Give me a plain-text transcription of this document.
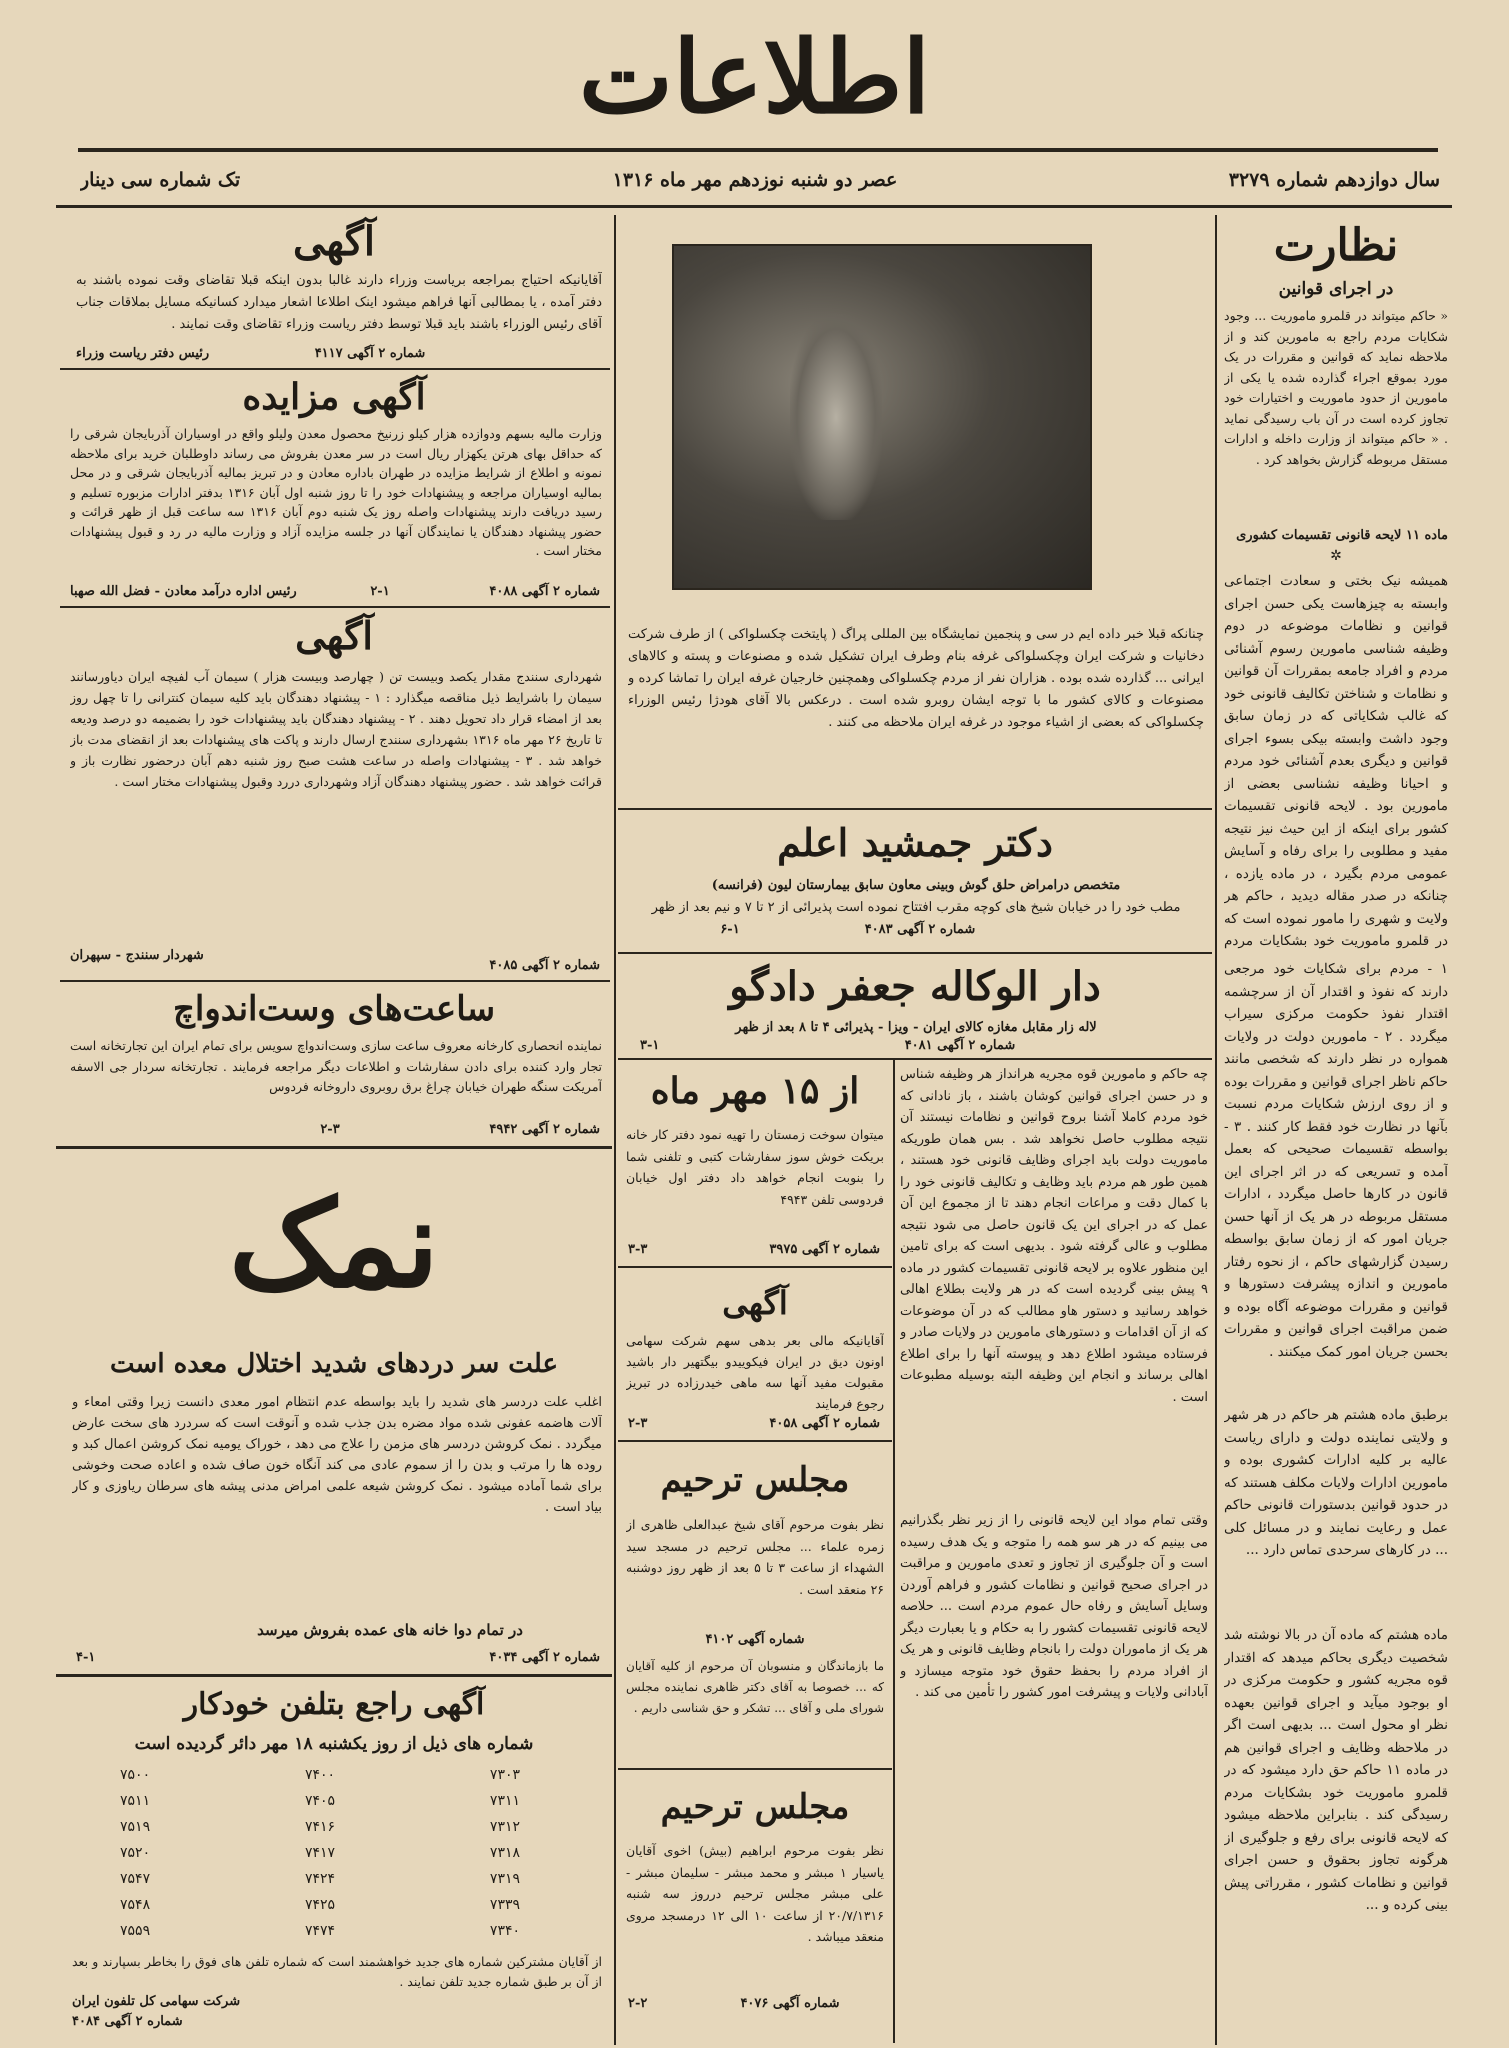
اطلاعات
سال دوازدهم شماره ۳۲۷۹
عصر دو شنبه نوزدهم مهر ماه ۱۳۱۶
تک شماره سی دینار
نظارت
در اجرای قوانین
« حاکم میتواند در قلمرو ماموریت ... وجود شکایات مردم راجع به مامورین کند و از ملاحظه نماید که قوانین و مقررات در یک مورد بموقع اجراء گذارده شده یا یکی از مامورین از حدود ماموریت و اختیارات خود تجاوز کرده است در آن باب رسیدگی نماید . « حاکم میتواند از وزارت داخله و ادارات مستقل مربوطه گزارش بخواهد کرد .
ماده ۱۱ لایحه قانونی تقسیمات کشوری
✲
همیشه نیک بختی و سعادت اجتماعی وابسته به چیزهاست یکی حسن اجرای قوانین و نظامات موضوعه در دوم وظیفه شناسی مامورین رسوم آشنائی مردم و افراد جامعه بمقررات آن قوانین و نظامات و شناختن تکالیف قانونی خود که غالب شکایاتی که در زمان سابق وجود داشت وابسته بیکی بسوء اجرای قوانین و دیگری بعدم آشنائی خود مردم و احیانا وظیفه نشناسی بعضی از مامورین بود . لایحه قانونی تقسیمات کشور برای اینکه از این حیث نیز نتیجه مفید و مطلوبی را برای رفاه و آسایش عمومی مردم بگیرد ، در ماده یازده ، چنانکه در صدر مقاله دیدید ، حاکم هر ولایت و شهری را مامور نموده است که در قلمرو ماموریت خود بشکایات مردم
۱ - مردم برای شکایات خود مرجعی دارند که نفوذ و اقتدار آن از سرچشمه اقتدار نفوذ حکومت مرکزی سیراب میگردد . ۲ - مامورین دولت در ولایات همواره در نظر دارند که شخصی مانند حاکم ناظر اجرای قوانین و مقررات بوده و از روی ارزش شکایات مردم نسبت بآنها در نظارت خود فقط کار کنند . ۳ - بواسطه تقسیمات صحیحی که بعمل آمده و تسریعی که در اثر اجرای این قانون در کارها حاصل میگردد ، ادارات مستقل مربوطه در هر یک از آنها حسن جریان امور که از زمان سابق بواسطه رسیدن گزارشهای حاکم ، از نحوه رفتار مامورین و اندازه پیشرفت دستورها و قوانین و مقررات موضوعه آگاه بوده و ضمن مراقبت اجرای قوانین و مقررات بحسن جریان امور کمک میکنند .
برطبق ماده هشتم هر حاکم در هر شهر و ولایتی نماینده دولت و دارای ریاست عالیه بر کلیه ادارات کشوری بوده و مامورین ادارات ولایات مکلف هستند که در حدود قوانین بدستورات قانونی حاکم عمل و رعایت نمایند و در مسائل کلی ... در کارهای سرحدی تماس دارد ...
ماده هشتم که ماده آن در بالا نوشته شد شخصیت دیگری بحاکم میدهد که اقتدار قوه مجریه کشور و حکومت مرکزی در او بوجود میآید و اجرای قوانین بعهده نظر او محول است ... بدیهی است اگر در ملاحظه وظایف و اجرای قوانین هم در ماده ۱۱ حاکم حق دارد میشود که در قلمرو ماموریت خود بشکایات مردم رسیدگی کند . بنابراین ملاحظه میشود که لایحه قانونی برای رفع و جلوگیری از هرگونه تجاوز بحقوق و حسن اجرای قوانین و نظامات کشور ، مقرراتی پیش بینی کرده و ...
آگهی
آقایانیکه احتیاج بمراجعه بریاست وزراء دارند غالبا بدون اینکه قبلا تقاضای وقت نموده باشند به دفتر آمده ، یا بمطالبی آنها فراهم میشود اینک اطلاعا اشعار میدارد کسانیکه مسایل بملاقات جناب آقای رئیس الوزراء باشند باید قبلا توسط دفتر ریاست وزراء تقاضای وقت نمایند .
شماره ۲ آگهی ۴۱۱۷
رئیس دفتر ریاست وزراء
آگهی مزایده
وزارت مالیه بسهم ودوازده هزار کیلو زرنیخ محصول معدن ولیلو واقع در اوسیاران آذربایجان شرقی را که حداقل بهای هرتن یکهزار ریال است در سر معدن بفروش می رساند داوطلبان خرید برای ملاحظه نمونه و اطلاع از شرایط مزایده در طهران باداره معادن و در تبریز بمالیه آذربایجان شرقی و در محل بمالیه اوسیاران مراجعه و پیشنهادات خود را تا روز شنبه اول آبان ۱۳۱۶ بدفتر ادارات مزبوره تسلیم و رسید دریافت دارند پیشنهادات واصله روز یک شنبه دوم آبان ۱۳۱۶ سه ساعت قبل از ظهر قرائت و حضور پیشنهاد دهندگان یا نمایندگان آنها در جلسه مزایده آزاد و وزارت مالیه در رد و قبول پیشنهادات مختار است .
رئیس اداره درآمد معادن - فضل الله صهبا	شماره ۲ آگهی ۴۰۸۸
۲-۱
آگهی
شهرداری سنندج مقدار یکصد وبیست تن ( چهارصد وبیست هزار ) سیمان آب لفیچه ایران دیاورسانند سیمان را باشرایط ذیل مناقصه میگذارد : ۱ - پیشنهاد دهندگان باید کلیه سیمان کنترانی را تا چهل روز بعد از امضاء قرار داد تحویل دهند . ۲ - پیشنهاد دهندگان باید پیشنهادات خود را بضمیمه دو درصد ودیعه تا تاریخ ۲۶ مهر ماه ۱۳۱۶ بشهرداری سنندج ارسال دارند و پاکت های پیشنهادات بعد از انقضای مدت باز خواهد شد . ۳ - پیشنهادات واصله در ساعت هشت صبح روز شنبه دهم آبان درحضور نظارت باز و قرائت خواهد شد . حضور پیشنهاد دهندگان آزاد وشهرداری دررد وقبول پیشنهادات مختار است .
شهردار سنندج - سپهران
شماره ۲ آگهی ۴۰۸۵
ساعت‌های وست‌اندواچ
نماینده انحصاری کارخانه معروف ساعت سازی وست‌اندواچ سویس برای تمام ایران این تجارتخانه است تجار وارد کننده برای دادن سفارشات و اطلاعات دیگر مراجعه فرمایند . تجارتخانه سردار جی الاسفه آمریکت سنگه طهران خیابان چراغ برق روبروی داروخانه فردوس
شماره ۲ آگهی ۴۹۴۲
۲-۳
نمک
علت سر دردهای شدید اختلال معده است
اغلب علت دردسر های شدید را باید بواسطه عدم انتظام امور معدی دانست زیرا وقتی امعاء و آلات هاضمه عفونی شده مواد مضره بدن جذب شده و آنوقت است که سردرد های سخت عارض میگردد . نمک کروشن دردسر های مزمن را علاج می دهد ، خوراک یومیه نمک کروشن اعمال کبد و روده ها را مرتب و بدن را از سموم عادی می کند آنگاه خون صاف شده و اعاده صحت وخوشی برای شما آماده میشود . نمک کروشن شیعه علمی امراض مدنی پیشه های سرطان ریاوزی و کار بیاد است .
در تمام دوا خانه های عمده بفروش میرسد
شماره ۲ آگهی ۴۰۳۴
۴-۱
آگهی راجع بتلفن خودکار
شماره های ذیل از روز یکشنبه ۱۸ مهر دائر گردیده است
۷۳۰۳
۷۴۰۰
۷۵۰۰
۷۳۱۱
۷۴۰۵
۷۵۱۱
۷۳۱۲
۷۴۱۶
۷۵۱۹
۷۳۱۸
۷۴۱۷
۷۵۲۰
۷۳۱۹
۷۴۲۴
۷۵۴۷
۷۳۳۹
۷۴۲۵
۷۵۴۸
۷۳۴۰
۷۴۷۴
۷۵۵۹
از آقایان مشترکین شماره های جدید خواهشمند است که شماره تلفن های فوق را بخاطر بسپارند و بعد از آن بر طبق شماره جدید تلفن نمایند .
شرکت سهامی کل تلفون ایران
شماره ۲ آگهی ۴۰۸۴
چنانکه قبلا خبر داده ایم در سی و پنجمین نمایشگاه بین المللی پراگ ( پایتخت چکسلواکی ) از طرف شرکت دخانیات و شرکت ایران وچکسلواکی غرفه بنام وطرف ایران تشکیل شده و مصنوعات و پسته و کالاهای ایرانی ... گذارده شده بوده . هزاران نفر از مردم چکسلواکی وهمچنین خارجیان غرفه ایران را تماشا کرده و مصنوعات و کالای کشور ما با توجه ایشان روبرو شده است . درعکس بالا آقای هودژا رئیس الوزراء چکسلواکی که بعضی از اشیاء موجود در غرفه ایران ملاحظه می کنند .
دکتر جمشید اعلم
متخصص درامراض حلق گوش وبینی معاون سابق بیمارستان لیون (فرانسه)
مطب خود را در خیابان شیخ های کوچه مقرب افتتاح نموده است پذیرائی از ۲ تا ۷ و نیم بعد از ظهر
شماره ۲ آگهی ۴۰۸۳
۶-۱
دار الوکاله جعفر دادگو
لاله زار مقابل مغازه کالای ایران - ویزا - پذیرائی ۴ تا ۸ بعد از ظهر
شماره ۲ آگهی ۴۰۸۱
۳-۱
چه حاکم و مامورین قوه مجریه هرانداز هر وظیفه شناس و در حسن اجرای قوانین کوشان باشند ، باز نادانی که خود مردم کاملا آشنا بروح قوانین و نظامات نیستند آن نتیجه مطلوب حاصل نخواهد شد . بس همان طوریکه ماموریت دولت باید اجرای وظایف قانونی خود هستند ، همین طور هم مردم باید وظایف و تکالیف قانونی خود را با کمال دقت و مراعات انجام دهند تا از مجموع این آن عمل که در اجرای این یک قانون حاصل می شود نتیجه مطلوب و عالی گرفته شود . بدیهی است که برای تامین این منظور علاوه بر لایحه قانونی تقسیمات کشور در ماده ۹ پیش بینی گردیده است که در هر ولایت بطلاع اهالی خواهد رسانید و دستور هاو مطالب که در آن موضوعات که از آن اقدامات و دستورهای مامورین در ولایات صادر و فرستاده میشود اطلاع دهد و پیوسته آنها را برای اطلاع اهالی برساند و انجام این وظیفه البته بوسیله مطبوعات است .
وقتی تمام مواد این لایحه قانونی را از زیر نظر بگذرانیم می بینیم که در هر سو همه را متوجه و یک هدف رسیده است و آن جلوگیری از تجاوز و تعدی مامورین و مراقبت در اجرای صحیح قوانین و نظامات کشور و فراهم آوردن وسایل آسایش و رفاه حال عموم مردم است ... حلاصه لایحه قانونی تقسیمات کشور را به حکام و یا بعبارت دیگر هر یک از ماموران دولت را بانجام وظایف قانونی و هر یک از افراد مردم را بحفظ حقوق خود متوجه میسازد و آبادانی ولایات و پیشرفت امور کشور را تأمین می کند .
از ۱۵ مهر ماه
میتوان سوخت زمستان را تهیه نمود دفتر کار خانه بریکت خوش سوز سفارشات کتبی و تلفنی شما را بنوبت انجام خواهد داد دفتر اول خیابان فردوسی تلفن ۴۹۴۳
شماره ۲ آگهی ۳۹۷۵
۳-۳
آگهی
آقایانیکه مالی بعر بدهی سهم شرکت سهامی اونون دیق در ایران فیکوییدو بیگتهیر دار باشید مقبولت مفید آنها سه ماهی خیدرزاده در تبریز رجوع فرمایند
شماره ۲ آگهی ۴۰۵۸
۲-۳
مجلس ترحیم
نظر بفوت مرحوم آقای شیخ عبدالعلی ظاهری از زمره علماء ... مجلس ترحیم در مسجد سید الشهداء از ساعت ۳ تا ۵ بعد از ظهر روز دوشنبه ۲۶ منعقد است .
شماره آگهی ۴۱۰۲
ما بازماندگان و منسوبان آن مرحوم از کلیه آقایان که ... خصوصا به آقای دکتر ظاهری نماینده مجلس شورای ملی و آقای ... تشکر و حق شناسی داریم .
مجلس ترحیم
نظر بفوت مرحوم ابراهیم (بیش) اخوی آقایان یاسیار ۱ مبشر و محمد مبشر - سلیمان مبشر - علی مبشر مجلس ترحیم درروز سه شنبه ۲۰/۷/۱۳۱۶ از ساعت ۱۰ الی ۱۲ درمسجد مروی منعقد میباشد .
شماره آگهی ۴۰۷۶
۲-۲
